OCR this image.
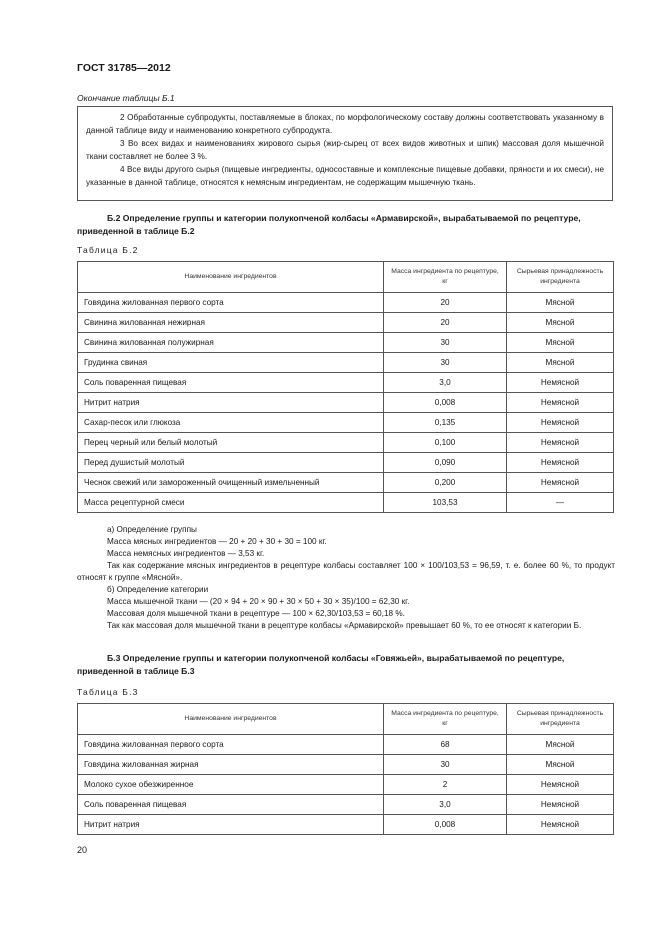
ГОСТ 31785—2012
Окончание таблицы Б.1

2 Обработанные субпродукты, поставляемые в блоках, по морфологическому составу должны соответствовать указанному в данной таблице виду и наименованию конкретного субпродукта.

3 Во всех видах и наименованиях жирового сырья (жир-сырец от всех видов животных и шпик) массовая доля мышечной ткани составляет не более 3 %.

4 Все виды другого сырья (пищевые ингредиенты, односоставные и комплексные пищевые добавки, пряности и их смеси), не указанные в данной таблице, относятся к немясным ингредиентам, не содержащим мышечную ткань.

Б.2 Определение группы и категории полукопченой колбасы «Армавирской», вырабатываемой по рецептуре, приведенной в таблице Б.2
Таблица Б.2
Наименование ингредиентов	Масса ингредиента по рецептуре, кг	Сырьевая принадлежность ингредиента
Говядина жилованная первого сорта	20	Мясной
Свинина жилованная нежирная	20	Мясной
Свинина жилованная полужирная	30	Мясной
Грудинка свиная	30	Мясной
Соль поваренная пищевая	3,0	Немясной
Нитрит натрия	0,008	Немясной
Сахар-песок или глюкоза	0,135	Немясной
Перец черный или белый молотый	0,100	Немясной
Перед душистый молотый	0,090	Немясной
Чеснок свежий или замороженный очищенный измельченный	0,200	Немясной
Масса рецептурной смеси	103,53	—

а) Определение группы

Масса мясных ингредиентов — 20 + 20 + 30 + 30 = 100 кг.

Масса немясных ингредиентов — 3,53 кг.

Так как содержание мясных ингредиентов в рецептуре колбасы составляет 100 × 100/103,53 = 96,59, т. е. более 60 %, то продукт относят к группе «Мясной».

б) Определение категории

Масса мышечной ткани — (20 × 94 + 20 × 90 + 30 × 50 + 30 × 35)/100 = 62,30 кг.

Массовая доля мышечной ткани в рецептуре — 100 × 62,30/103,53 = 60,18 %.

Так как массовая доля мышечной ткани в рецептуре колбасы «Армавирской» превышает 60 %, то ее относят к категории Б.

Б.3 Определение группы и категории полукопченой колбасы «Говяжьей», вырабатываемой по рецептуре, приведенной в таблице Б.3
Таблица Б.3
Наименование ингредиентов	Масса ингредиента по рецептуре, кг	Сырьевая принадлежность ингредиента
Говядина жилованная первого сорта	68	Мясной
Говядина жилованная жирная	30	Мясной
Молоко сухое обезжиренное	2	Немясной
Соль поваренная пищевая	3,0	Немясной
Нитрит натрия	0,008	Немясной
20
